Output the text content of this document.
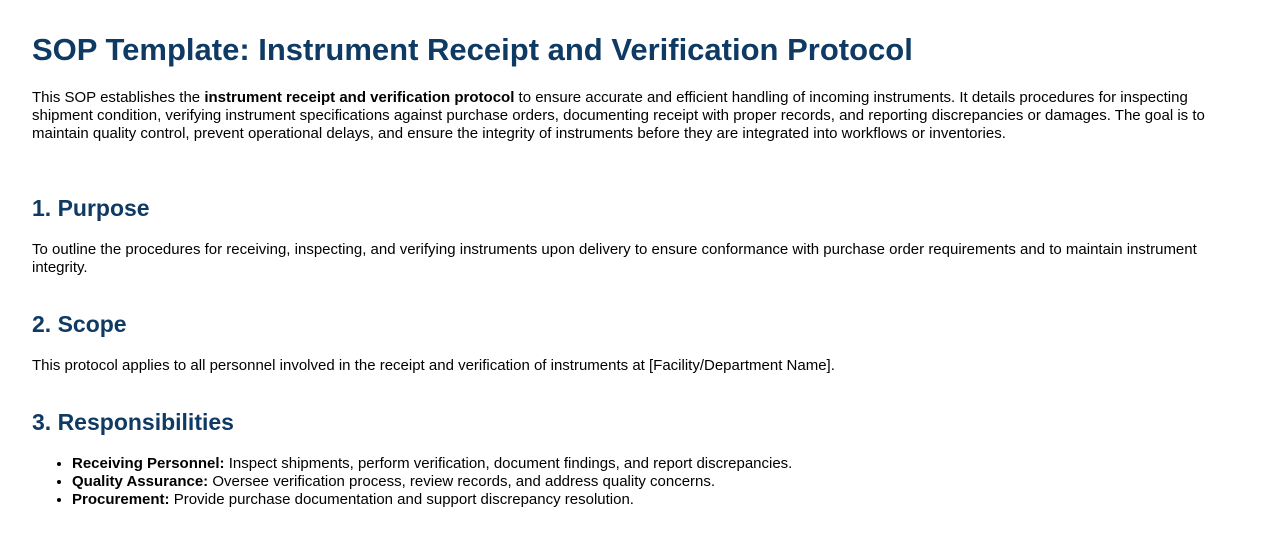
SOP Template: Instrument Receipt and Verification Protocol

This SOP establishes the instrument receipt and verification protocol to ensure accurate and efficient handling of incoming instruments. It details procedures for inspecting shipment condition, verifying instrument specifications against purchase orders, documenting receipt with proper records, and reporting discrepancies or damages. The goal is to maintain quality control, prevent operational delays, and ensure the integrity of instruments before they are integrated into workflows or inventories.

1. Purpose

To outline the procedures for receiving, inspecting, and verifying instruments upon delivery to ensure conformance with purchase order requirements and to maintain instrument integrity.

2. Scope

This protocol applies to all personnel involved in the receipt and verification of instruments at [Facility/Department Name].

3. Responsibilities
• Receiving Personnel: Inspect shipments, perform verification, document findings, and report discrepancies.
• Quality Assurance: Oversee verification process, review records, and address quality concerns.
• Procurement: Provide purchase documentation and support discrepancy resolution.
